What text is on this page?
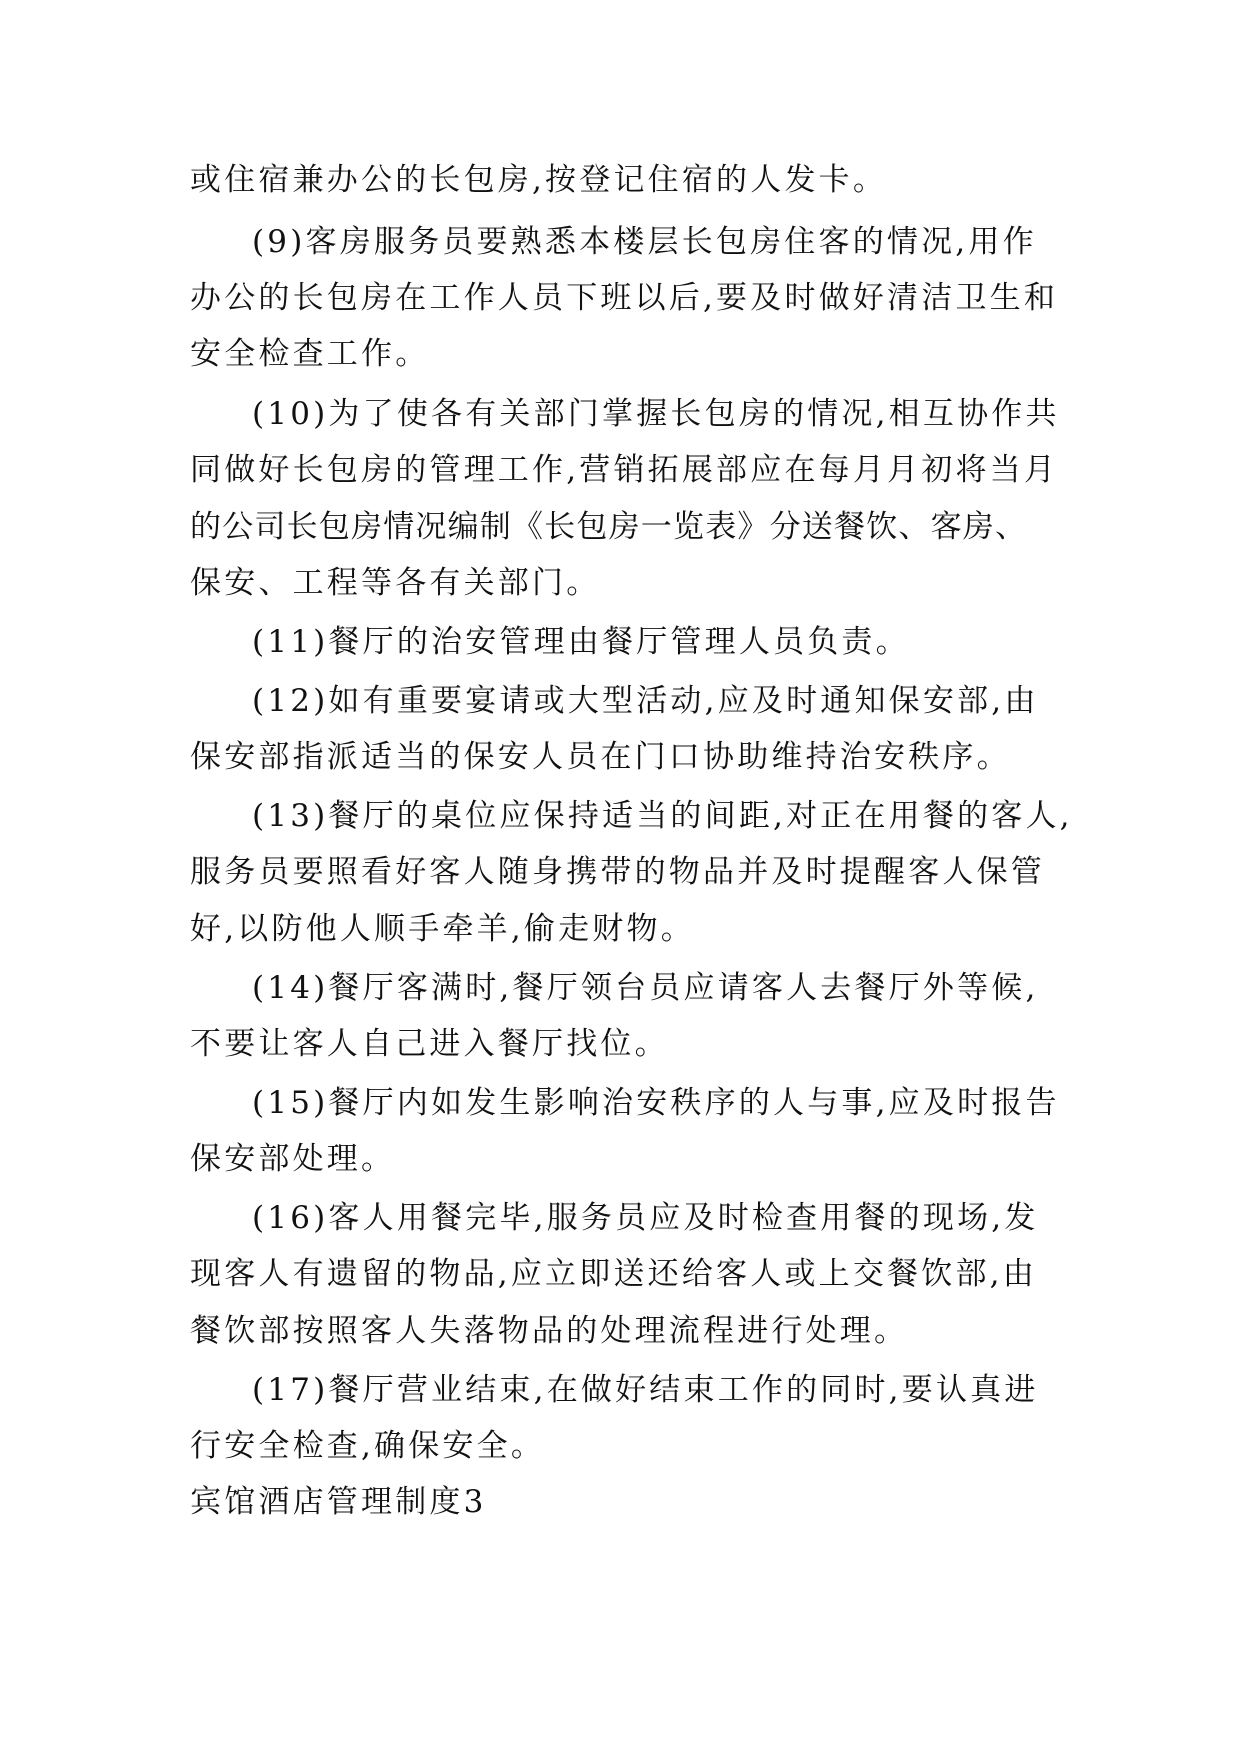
或住宿兼办公的长包房,按登记住宿的人发卡。
(9)客房服务员要熟悉本楼层长包房住客的情况,用作
办公的长包房在工作人员下班以后,要及时做好清洁卫生和
安全检查工作。
(10)为了使各有关部门掌握长包房的情况,相互协作共
同做好长包房的管理工作,营销拓展部应在每月月初将当月
的公司长包房情况编制《长包房一览表》分送餐饮、客房、
保安、工程等各有关部门。
(11)餐厅的治安管理由餐厅管理人员负责。
(12)如有重要宴请或大型活动,应及时通知保安部,由
保安部指派适当的保安人员在门口协助维持治安秩序。
(13)餐厅的桌位应保持适当的间距,对正在用餐的客人,
服务员要照看好客人随身携带的物品并及时提醒客人保管
好,以防他人顺手牵羊,偷走财物。
(14)餐厅客满时,餐厅领台员应请客人去餐厅外等候,
不要让客人自己进入餐厅找位。
(15)餐厅内如发生影响治安秩序的人与事,应及时报告
保安部处理。
(16)客人用餐完毕,服务员应及时检查用餐的现场,发
现客人有遗留的物品,应立即送还给客人或上交餐饮部,由
餐饮部按照客人失落物品的处理流程进行处理。
(17)餐厅营业结束,在做好结束工作的同时,要认真进
行安全检查,确保安全。
宾馆酒店管理制度3
